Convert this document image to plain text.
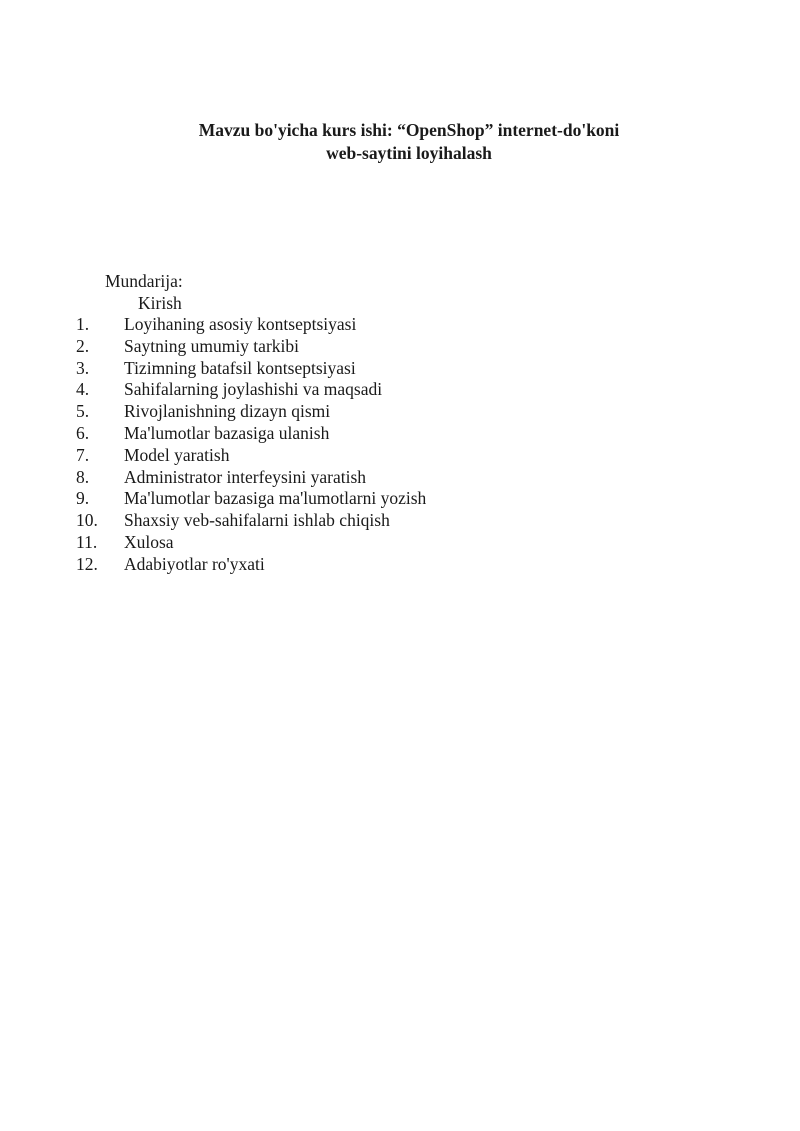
Mavzu bo'yicha kurs ishi: “OpenShop” internet-do'koni
web-saytini loyihalash
Mundarija:
Kirish
1. Loyihaning asosiy kontseptsiyasi
2. Saytning umumiy tarkibi
3. Tizimning batafsil kontseptsiyasi
4. Sahifalarning joylashishi va maqsadi
5. Rivojlanishning dizayn qismi
6. Ma'lumotlar bazasiga ulanish
7. Model yaratish
8. Administrator interfeysini yaratish
9. Ma'lumotlar bazasiga ma'lumotlarni yozish
10. Shaxsiy veb-sahifalarni ishlab chiqish
11. Xulosa
12. Adabiyotlar ro'yxati
